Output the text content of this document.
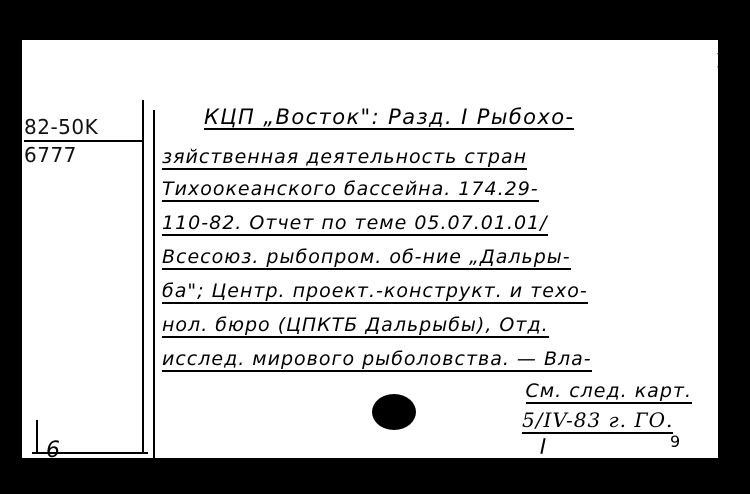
)
82-50K
6777
КЦП „Восток": Разд. I Рыбохо-
зяйственная деятельность стран
Тихоокеанского бассейна. 174.29-
110-82. Отчет по теме 05.07.01.01/
Всесоюз. рыбопром. об-ние „Дальры-
ба"; Центр. проект.-конструкт. и техо-
нол. бюро (ЦПКТБ Дальрыбы), Отд.
исслед. мирового рыболовства. — Вла-
См. след. карт.
5/IV-83 г. ГО.
9
6
